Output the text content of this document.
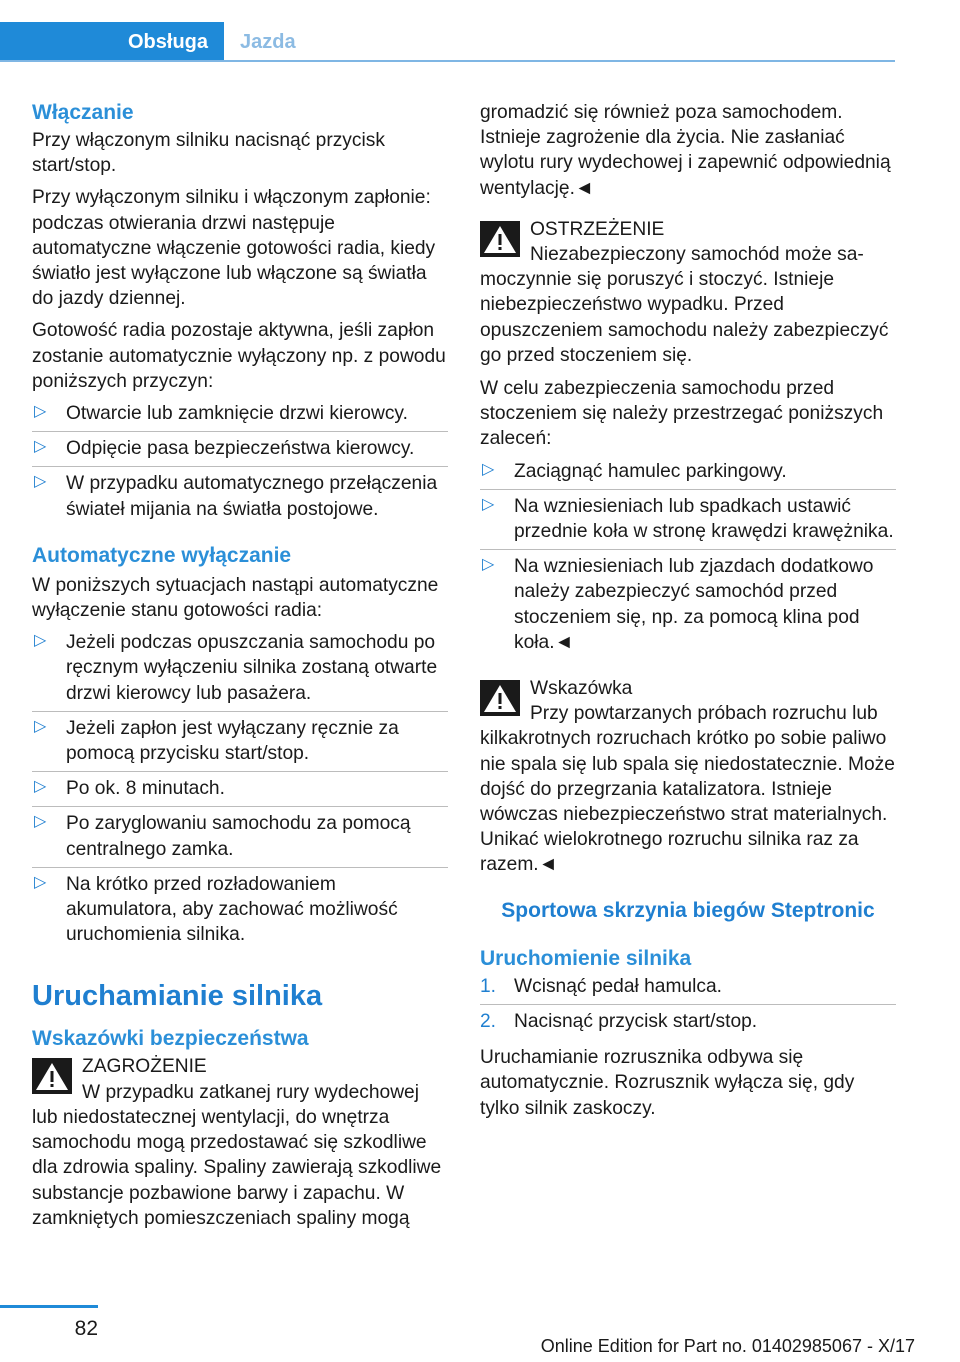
Obsługa	Jazda
Włączanie

Przy włączonym silniku nacisnąć przycisk start/stop.

Przy wyłączonym silniku i włączonym zapłonie: podczas otwierania drzwi następuje automatyczne włączenie gotowości radia, kiedy światło jest wyłączone lub włączone są światła do jazdy dziennej.

Gotowość radia pozostaje aktywna, jeśli zapłon zostanie automatycznie wyłączony np. z powodu poniższych przyczyn:

▷ Otwarcie lub zamknięcie drzwi kierowcy.
▷ Odpięcie pasa bezpieczeństwa kierowcy.
▷ W przypadku automatycznego przełączenia świateł mijania na światła postojowe.
Automatyczne wyłączanie

W poniższych sytuacjach nastąpi automatyczne wyłączenie stanu gotowości radia:

▷ Jeżeli podczas opuszczania samochodu po ręcznym wyłączeniu silnika zostaną otwarte drzwi kierowcy lub pasażera.
▷ Jeżeli zapłon jest wyłączany ręcznie za pomocą przycisku start/stop.
▷ Po ok. 8 minutach.
▷ Po zaryglowaniu samochodu za pomocą centralnego zamka.
▷ Na krótko przed rozładowaniem akumulatora, aby zachować możliwość uruchomienia silnika.
Uruchamianie silnika
Wskazówki bezpieczeństwa
ZAGROŻENIE
W przypadku zatkanej rury wydechowej lub niedostatecznej wentylacji, do wnętrza samochodu mogą przedostawać się szkodliwe dla zdrowia spaliny. Spaliny zawierają szkodliwe substancje pozbawione barwy i zapachu. W zamkniętych pomieszczeniach spaliny mogą

gromadzić się również poza samochodem. Istnieje zagrożenie dla życia. Nie zasłaniać wylotu rury wydechowej i zapewnić odpowiednią wentylację.◄

OSTRZEŻENIE
Niezabezpieczony samochód może sa- moczynnie się poruszyć i stoczyć. Istnieje niebezpieczeństwo wypadku. Przed opuszczeniem samochodu należy zabezpieczyć go przed stoczeniem się.

W celu zabezpieczenia samochodu przed stoczeniem się należy przestrzegać poniższych zaleceń:

▷ Zaciągnąć hamulec parkingowy.
▷ Na wzniesieniach lub spadkach ustawić przednie koła w stronę krawędzi krawężnika.
▷ Na wzniesieniach lub zjazdach dodatkowo należy zabezpieczyć samochód przed stoczeniem się, np. za pomocą klina pod koła.◄
Wskazówka
Przy powtarzanych próbach rozruchu lub kilkakrotnych rozruchach krótko po sobie paliwo nie spala się lub spala się niedostatecznie. Może dojść do przegrzania katalizatora. Istnieje wówczas niebezpieczeństwo strat materialnych. Unikać wielokrotnego rozruchu silnika raz za razem.◄
Sportowa skrzynia biegów Steptronic
Uruchomienie silnika
1. Wcisnąć pedał hamulca.
2. Nacisnąć przycisk start/stop.

Uruchamianie rozrusznika odbywa się automatycznie. Rozrusznik wyłącza się, gdy tylko silnik zaskoczy.

82
Online Edition for Part no. 01402985067 - X/17
